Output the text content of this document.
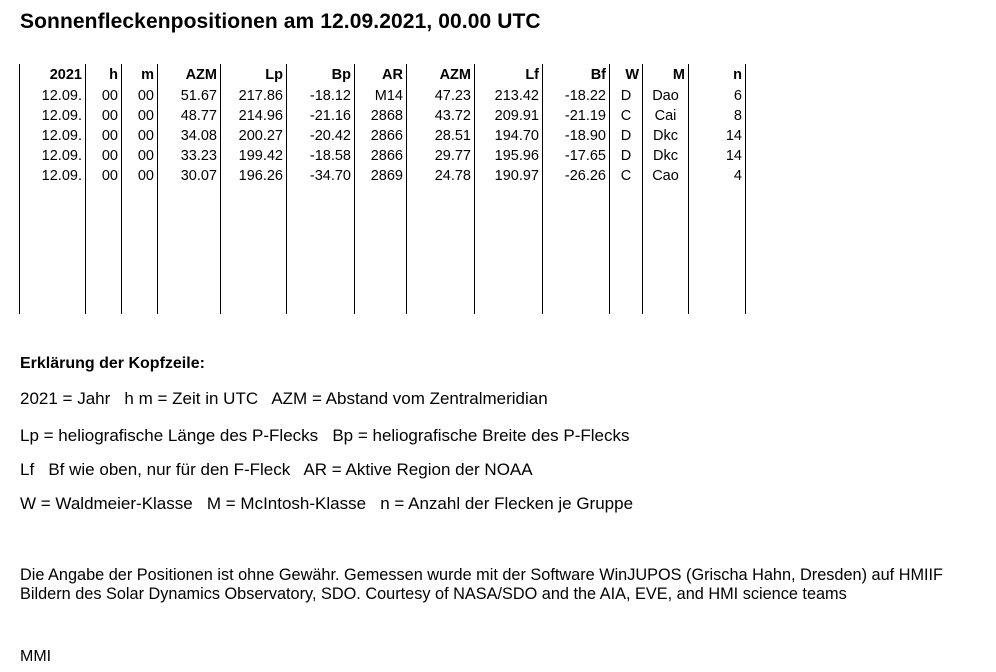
Sonnenfleckenpositionen am 12.09.2021, 00.00 UTC
2021	h	m	AZM	Lp	Bp	AR	AZM	Lf	Bf	W	M	n
12.09.	00	00	51.67	217.86	-18.12	M14	47.23	213.42	-18.22	D	Dao	6
12.09.	00	00	48.77	214.96	-21.16	2868	43.72	209.91	-21.19	C	Cai	8
12.09.	00	00	34.08	200.27	-20.42	2866	28.51	194.70	-18.90	D	Dkc	14
12.09.	00	00	33.23	199.42	-18.58	2866	29.77	195.96	-17.65	D	Dkc	14
12.09.	00	00	30.07	196.26	-34.70	2869	24.78	190.97	-26.26	C	Cao	4

Erklärung der Kopfzeile:
2021 = Jahr   h m = Zeit in UTC   AZM = Abstand vom Zentralmeridian
Lp = heliografische Länge des P-Flecks   Bp = heliografische Breite des P-Flecks
Lf   Bf wie oben, nur für den F-Fleck   AR = Aktive Region der NOAA
W = Waldmeier-Klasse   M = McIntosh-Klasse   n = Anzahl der Flecken je Gruppe
Die Angabe der Positionen ist ohne Gewähr. Gemessen wurde mit der Software WinJUPOS (Grischa Hahn, Dresden) auf HMIIF Bildern des Solar Dynamics Observatory, SDO. Courtesy of NASA/SDO and the AIA, EVE, and HMI science teams
MMI
